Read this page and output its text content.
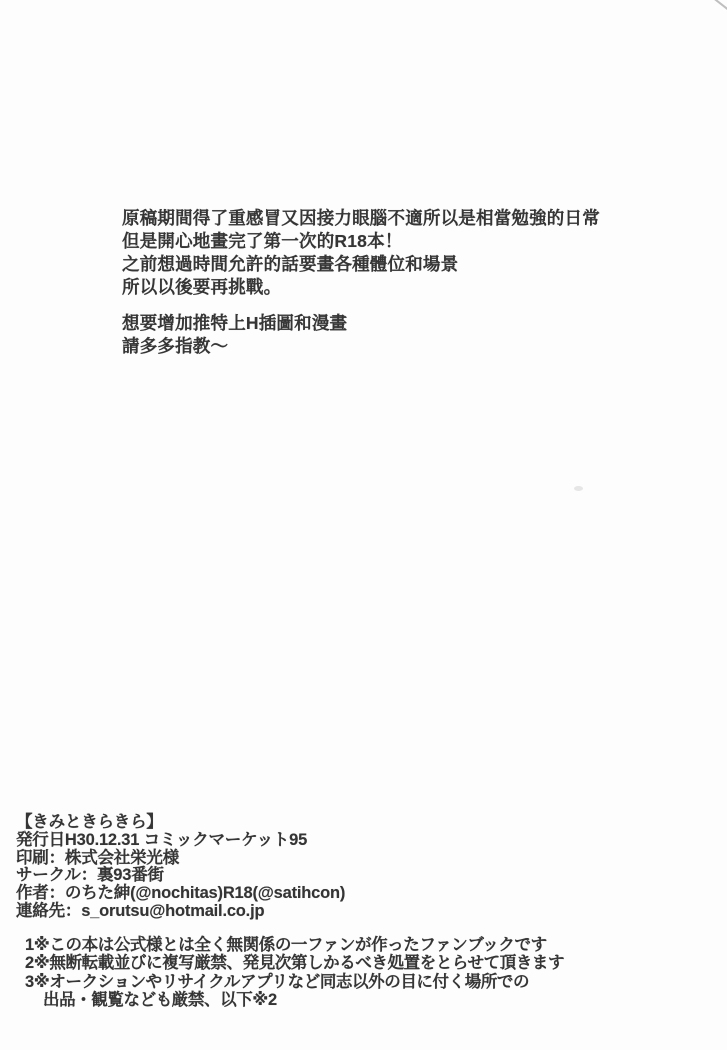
原稿期間得了重感冒又因接力眼腦不適所以是相當勉強的日常
但是開心地畫完了第一次的R18本！
之前想過時間允許的話要畫各種體位和場景
所以以後要再挑戰。
想要增加推特上H插圖和漫畫
請多多指教～
【きみときらきら】
発行日H30.12.31 コミックマーケット95
印刷：株式会社栄光様
サークル：裏93番街
作者：のちた紳(@nochitas)R18(@satihcon)
連絡先：s_orutsu@hotmail.co.jp
1※この本は公式様とは全く無関係の一ファンが作ったファンブックです
2※無断転載並びに複写厳禁、発見次第しかるべき処置をとらせて頂きます
3※オークションやリサイクルアプリなど同志以外の目に付く場所での
出品・観覧なども厳禁、以下※2
